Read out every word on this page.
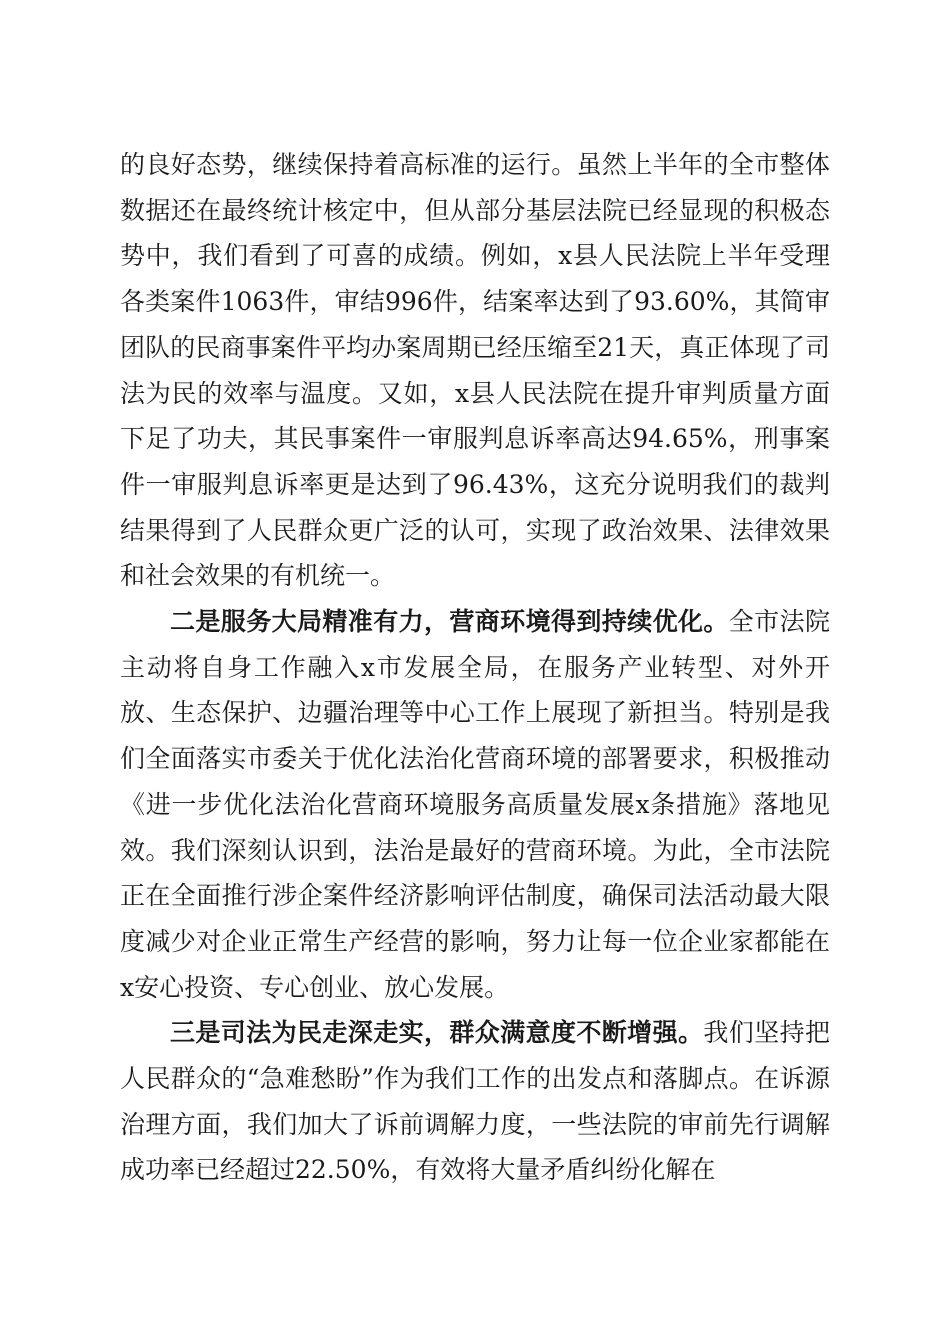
的良好态势，继续保持着高标准的运行。虽然上半年的全市整体数据还在最终统计核定中，但从部分基层法院已经显现的积极态势中，我们看到了可喜的成绩。例如，x县人民法院上半年受理各类案件1063件，审结996件，结案率达到了93.60%，其简审团队的民商事案件平均办案周期已经压缩至21天，真正体现了司法为民的效率与温度。又如，x县人民法院在提升审判质量方面下足了功夫，其民事案件一审服判息诉率高达94.65%，刑事案件一审服判息诉率更是达到了96.43%，这充分说明我们的裁判结果得到了人民群众更广泛的认可，实现了政治效果、法律效果和社会效果的有机统一。

二是服务大局精准有力，营商环境得到持续优化。全市法院主动将自身工作融入x市发展全局，在服务产业转型、对外开放、生态保护、边疆治理等中心工作上展现了新担当。特别是我们全面落实市委关于优化法治化营商环境的部署要求，积极推动《进一步优化法治化营商环境服务高质量发展x条措施》落地见效。我们深刻认识到，法治是最好的营商环境。为此，全市法院正在全面推行涉企案件经济影响评估制度，确保司法活动最大限度减少对企业正常生产经营的影响，努力让每一位企业家都能在x安心投资、专心创业、放心发展。

三是司法为民走深走实，群众满意度不断增强。我们坚持把人民群众的“急难愁盼”作为我们工作的出发点和落脚点。在诉源治理方面，我们加大了诉前调解力度，一些法院的审前先行调解成功率已经超过22.50%，有效将大量矛盾纠纷化解在
